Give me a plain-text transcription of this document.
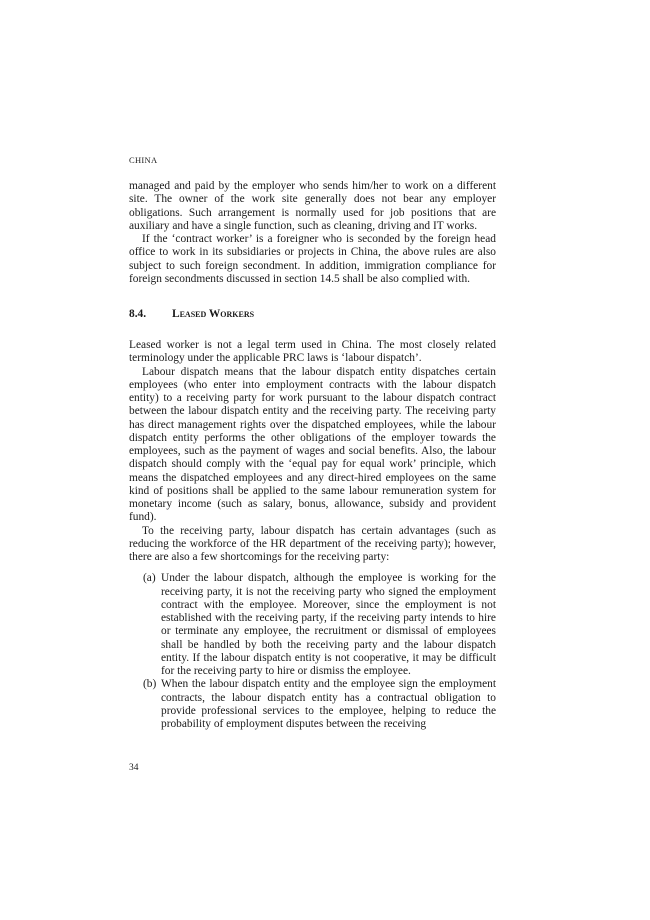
CHINA

managed and paid by the employer who sends him/her to work on a different site. The owner of the work site generally does not bear any employer obligations. Such arrangement is normally used for job positions that are auxiliary and have a single function, such as cleaning, driving and IT works.

If the ‘contract worker’ is a foreigner who is seconded by the foreign head office to work in its subsidiaries or projects in China, the above rules are also subject to such foreign secondment. In addition, immigration compliance for foreign secondments discussed in section 14.5 shall be also complied with.

8.4.	Leased Workers

Leased worker is not a legal term used in China. The most closely related terminology under the applicable PRC laws is ‘labour dispatch’.

Labour dispatch means that the labour dispatch entity dispatches certain employees (who enter into employment contracts with the labour dispatch entity) to a receiving party for work pursuant to the labour dispatch contract between the labour dispatch entity and the receiving party. The receiving party has direct management rights over the dispatched employees, while the labour dispatch entity performs the other obligations of the employer towards the employees, such as the payment of wages and social benefits. Also, the labour dispatch should comply with the ‘equal pay for equal work’ principle, which means the dispatched employees and any direct-hired employees on the same kind of positions shall be applied to the same labour remuneration system for monetary income (such as salary, bonus, allowance, subsidy and provident fund).

To the receiving party, labour dispatch has certain advantages (such as reducing the workforce of the HR department of the receiving party); however, there are also a few shortcomings for the receiving party:

(a) Under the labour dispatch, although the employee is working for the receiving party, it is not the receiving party who signed the employment contract with the employee. Moreover, since the employment is not established with the receiving party, if the receiving party intends to hire or terminate any employee, the recruitment or dismissal of employees shall be handled by both the receiving party and the labour dispatch entity. If the labour dispatch entity is not cooperative, it may be difficult for the receiving party to hire or dismiss the employee.

(b) When the labour dispatch entity and the employee sign the employment contracts, the labour dispatch entity has a contractual obligation to provide professional services to the employee, helping to reduce the probability of employment disputes between the receiving

34
